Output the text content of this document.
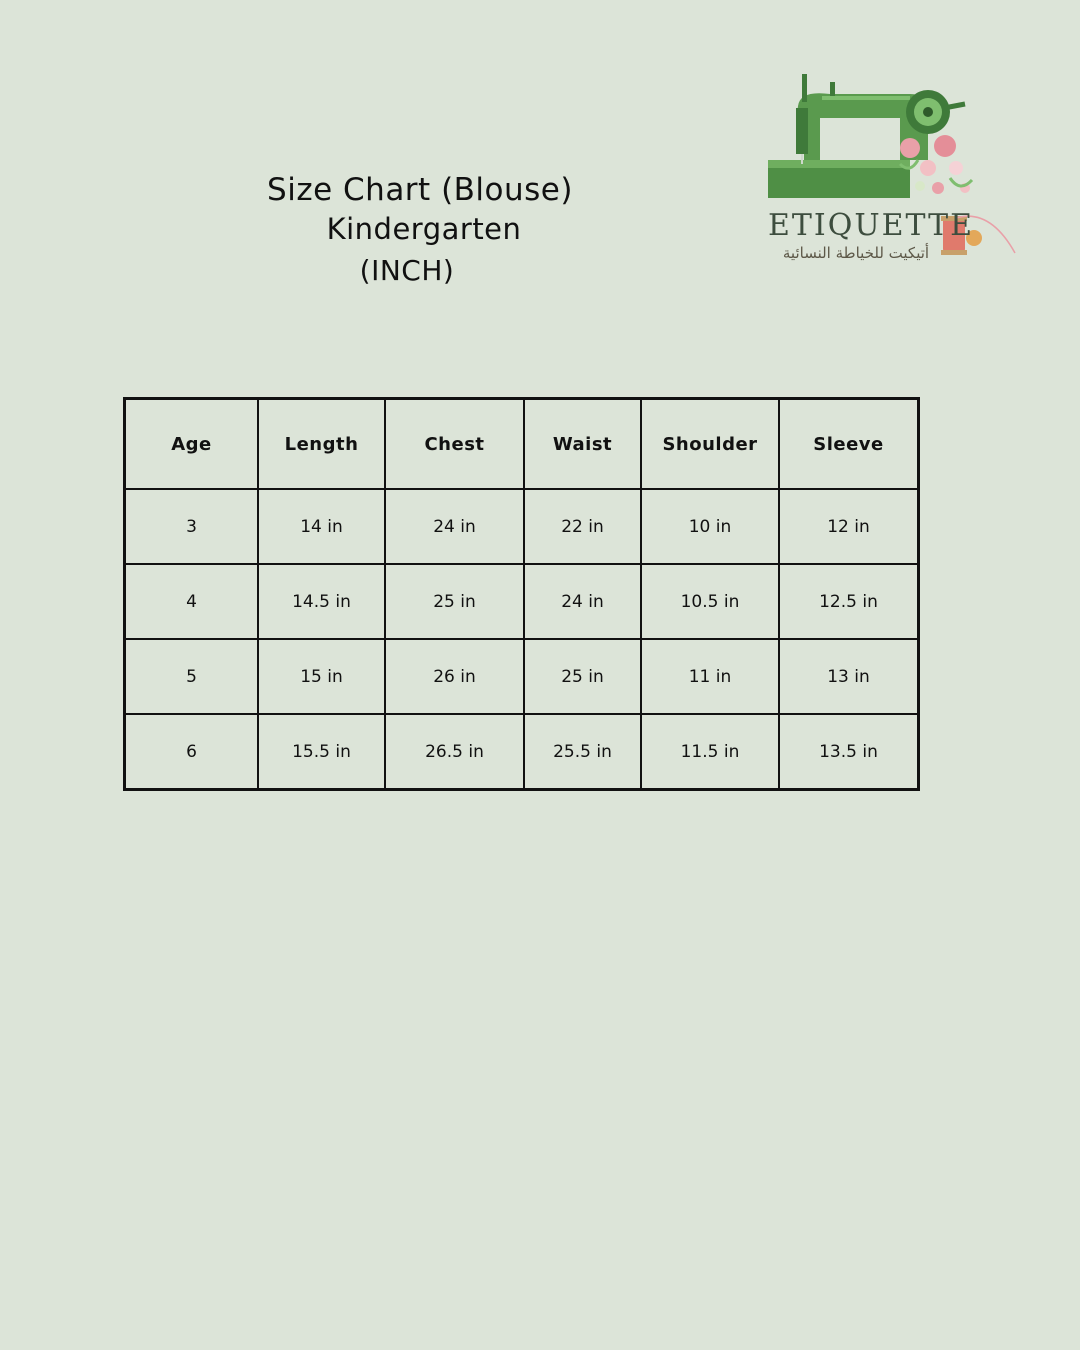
Size Chart (Blouse)
Kindergarten
(INCH)
ETIQUETTE
أتيكيت للخياطة النسائية
Age	Length	Chest	Waist	Shoulder	Sleeve
3	14 in	24 in	22 in	10 in	12 in
4	14.5 in	25 in	24 in	10.5 in	12.5 in
5	15 in	26 in	25 in	11 in	13 in
6	15.5 in	26.5 in	25.5 in	11.5 in	13.5 in
